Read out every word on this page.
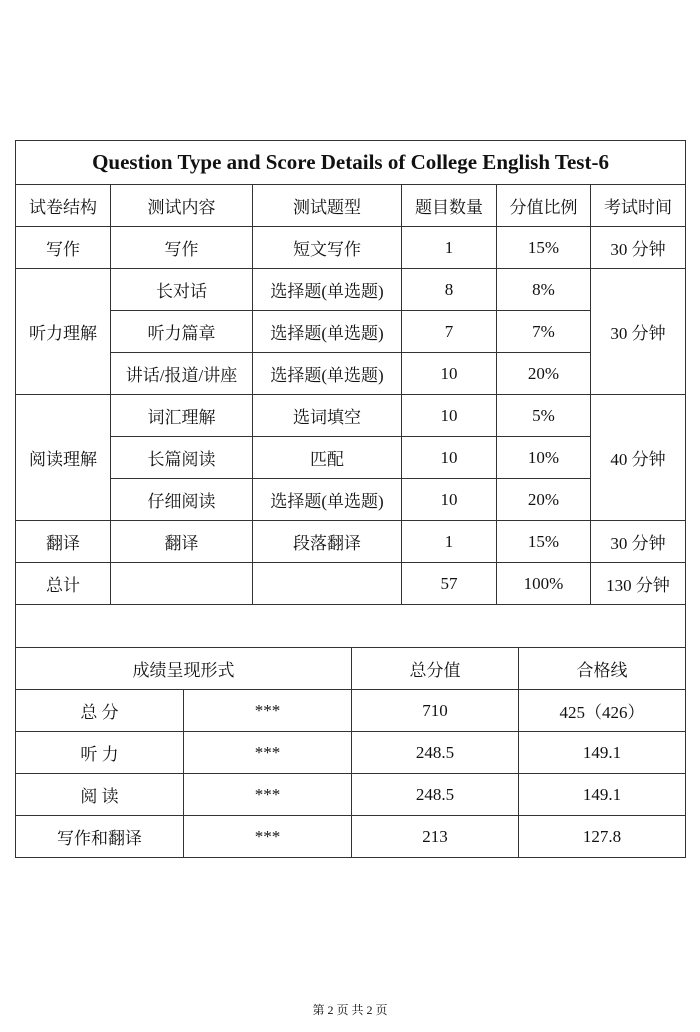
Question Type and Score Details of College English Test-6					
试卷结构	测试内容	测试题型	题目数量	分值比例	考试时间
写作	写作	短文写作	1	15%	30 分钟
听力理解	长对话	选择题(单选题)	8	8%	30 分钟
	听力篇章	选择题(单选题)	7	7%	
	讲话/报道/讲座	选择题(单选题)	10	20%	
阅读理解	词汇理解	选词填空	10	5%	40 分钟
	长篇阅读	匹配	10	10%	
	仔细阅读	选择题(单选题)	10	20%	
翻译	翻译	段落翻译	1	15%	30 分钟
总计			57	100%	130 分钟

成绩呈现形式		总分值	合格线
总 分	***	710	425（426）
听 力	***	248.5	149.1
阅 读	***	248.5	149.1
写作和翻译	***	213	127.8
第 2 页 共 2 页
